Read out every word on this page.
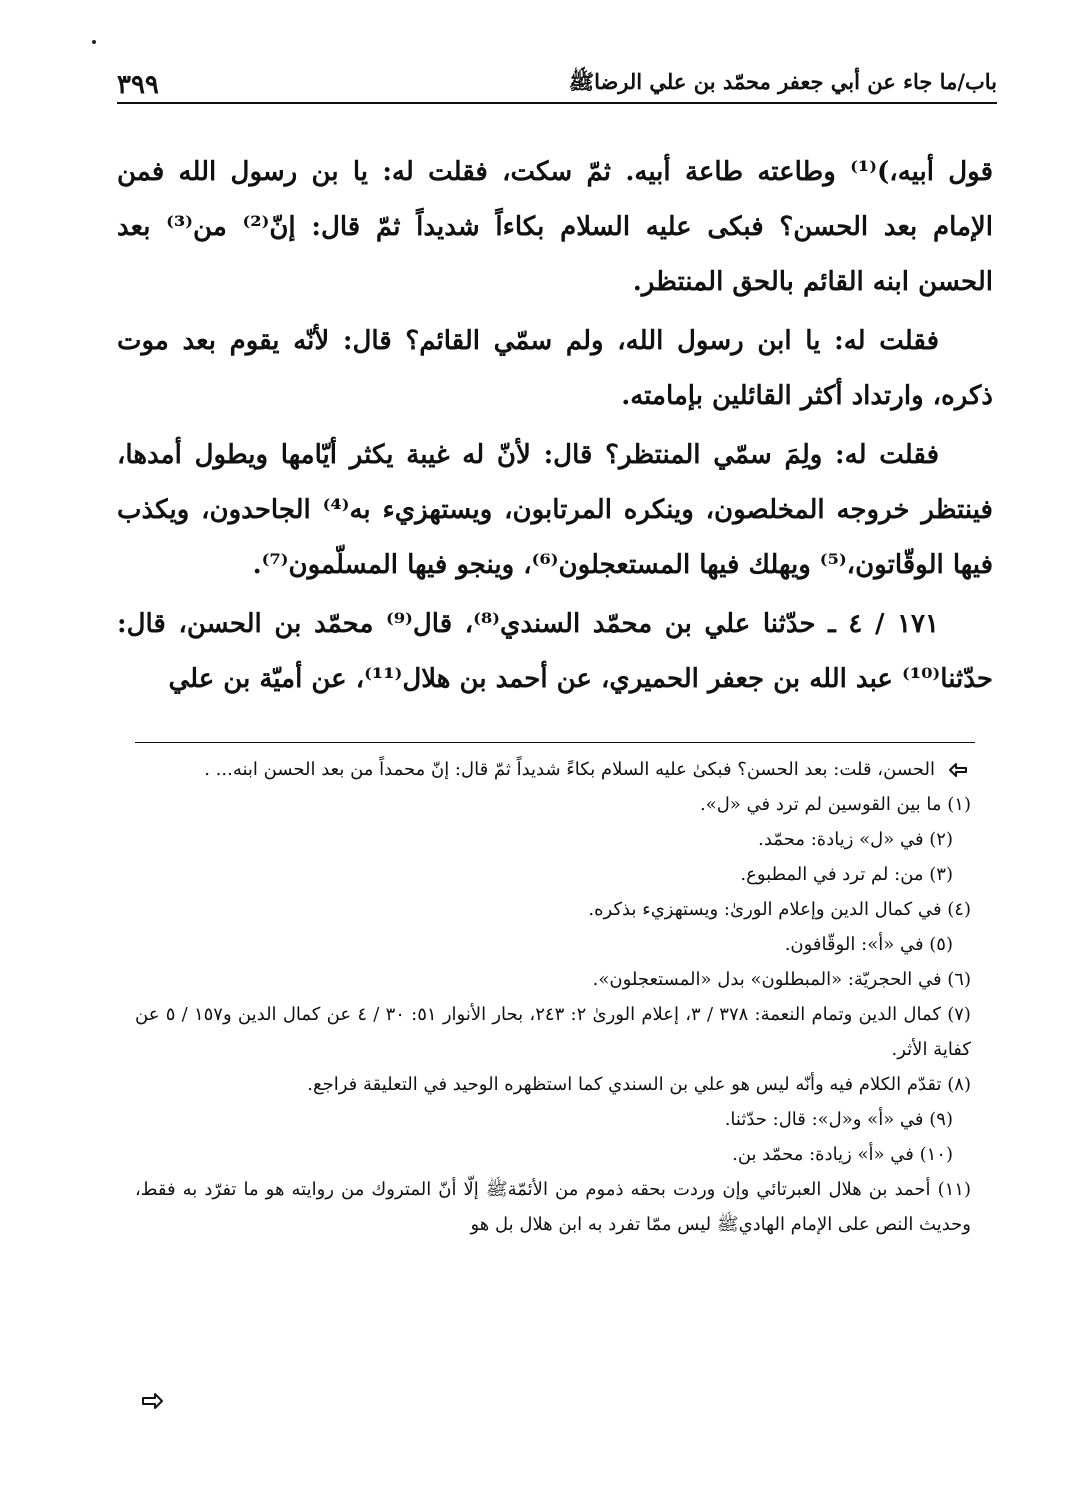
باب/ما جاء عن أبي جعفر محمّد بن علي الرضاﷺ
٣٩٩

قول أبيه،)⁽¹⁾ وطاعته طاعة أبيه. ثمّ سكت، فقلت له: يا بن رسول الله فمن الإمام بعد الحسن؟ فبكى عليه السلام بكاءاً شديداً ثمّ قال: إنّ⁽²⁾ من⁽³⁾ بعد الحسن ابنه القائم بالحق المنتظر.

فقلت له: يا ابن رسول الله، ولم سمّي القائم؟ قال: لأنّه يقوم بعد موت ذكره، وارتداد أكثر القائلين بإمامته.

فقلت له: ولِمَ سمّي المنتظر؟ قال: لأنّ له غيبة يكثر أيّامها ويطول أمدها، فينتظر خروجه المخلصون، وينكره المرتابون، ويستهزيء به⁽⁴⁾ الجاحدون، ويكذب فيها الوقّاتون،⁽⁵⁾ ويهلك فيها المستعجلون⁽⁶⁾، وينجو فيها المسلّمون⁽⁷⁾.

١٧١ / ٤ ـ حدّثنا علي بن محمّد السندي⁽⁸⁾، قال⁽⁹⁾ محمّد بن الحسن، قال: حدّثنا⁽¹⁰⁾ عبد الله بن جعفر الحميري، عن أحمد بن هلال⁽¹¹⁾، عن أميّة بن علي

الحسن، قلت: بعد الحسن؟ فبكىٰ عليه السلام بكاءً شديداً ثمّ قال: إنّ محمداً من بعد الحسن ابنه... .

(١) ما بين القوسين لم ترد في «ل».

(٢) في «ل» زيادة: محمّد.

(٣) من: لم ترد في المطبوع.

(٤) في كمال الدين وإعلام الورىٰ: ويستهزيء بذكره.

(٥) في «أ»: الوقّافون.

(٦) في الحجريّة: «المبطلون» بدل «المستعجلون».

(٧) كمال الدين وتمام النعمة: ٣٧٨ / ٣، إعلام الورىٰ ٢: ٢٤٣، بحار الأنوار ٥١: ٣٠ / ٤ عن كمال الدين و١٥٧ / ٥ عن كفاية الأثر.

(٨) تقدّم الكلام فيه وأنّه ليس هو علي بن السندي كما استظهره الوحيد في التعليقة فراجع.

(٩) في «أ» و«ل»: قال: حدّثنا.

(١٠) في «أ» زيادة: محمّد بن.

(١١) أحمد بن هلال العبرتائي وإن وردت بحقه ذموم من الأئمّةﷺ إلّا أنّ المتروك من روايته هو ما تفرّد به فقط، وحديث النص على الإمام الهاديﷺ ليس ممّا تفرد به ابن هلال بل هو
